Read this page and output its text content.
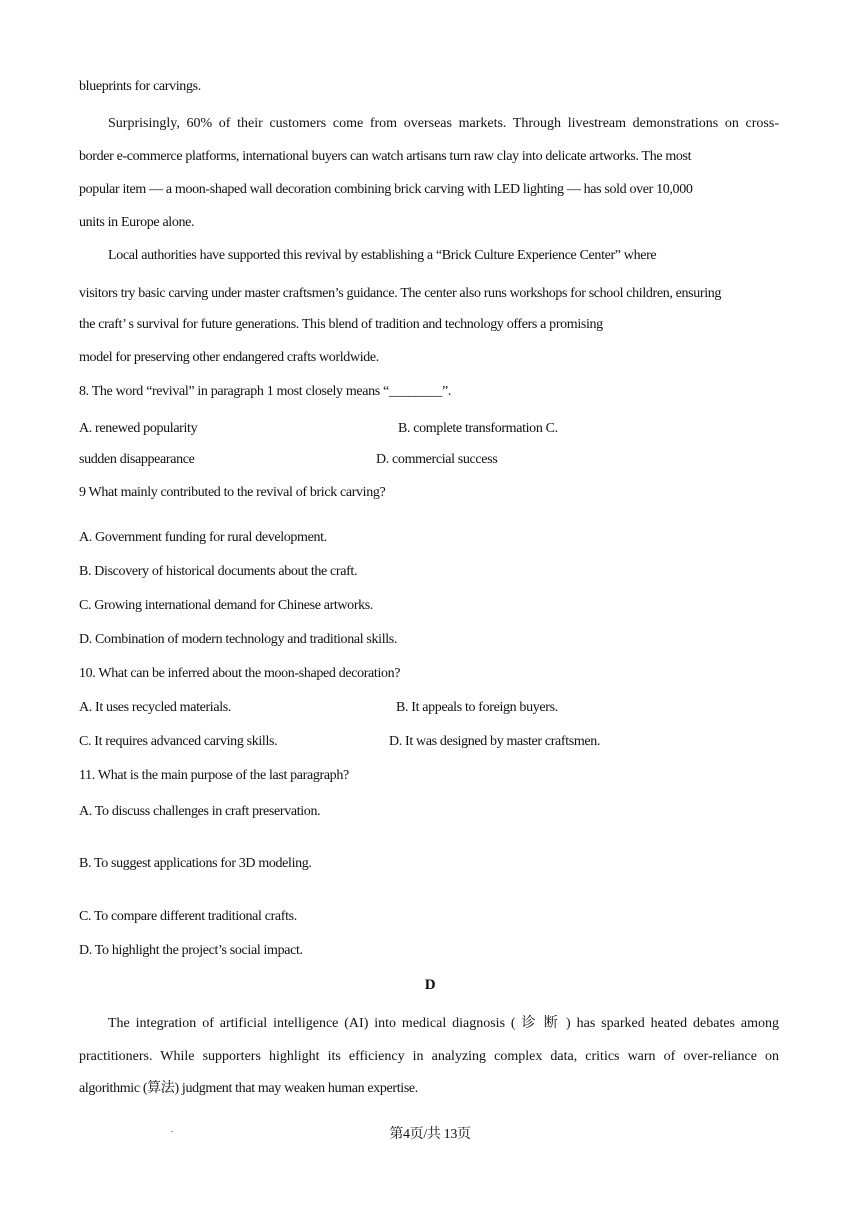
blueprints for carvings.
Surprisingly, 60% of their customers come from overseas markets. Through livestream demonstrations on cross-
border e-commerce platforms, international buyers can watch artisans turn raw clay into delicate artworks. The most
popular item — a moon-shaped wall decoration combining brick carving with LED lighting — has sold over 10,000
units in Europe alone.
Local authorities have supported this revival by establishing a “Brick Culture Experience Center” where
visitors try basic carving under master craftsmen’s guidance. The center also runs workshops for school children, ensuring
the craft’ s survival for future generations. This blend of tradition and technology offers a promising
model for preserving other endangered crafts worldwide.
8. The word “revival” in paragraph 1 most closely means “________”.
A. renewed popularity	B. complete transformation C.
sudden disappearance	D. commercial success
9 What mainly contributed to the revival of brick carving?
A. Government funding for rural development.
B. Discovery of historical documents about the craft.
C. Growing international demand for Chinese artworks.
D. Combination of modern technology and traditional skills.
10. What can be inferred about the moon-shaped decoration?
A. It uses recycled materials.	B. It appeals to foreign buyers.
C. It requires advanced carving skills.	D. It was designed by master craftsmen.
11. What is the main purpose of the last paragraph?
A. To discuss challenges in craft preservation.
B. To suggest applications for 3D modeling.
C. To compare different traditional crafts.
D. To highlight the project’s social impact.
D
The integration of artificial intelligence (AI) into medical diagnosis ( 诊 断 ) has sparked heated debates among
practitioners. While supporters highlight its efficiency in analyzing complex data, critics warn of over-reliance on
algorithmic (算法) judgment that may weaken human expertise.
.	第4页/共 13页
